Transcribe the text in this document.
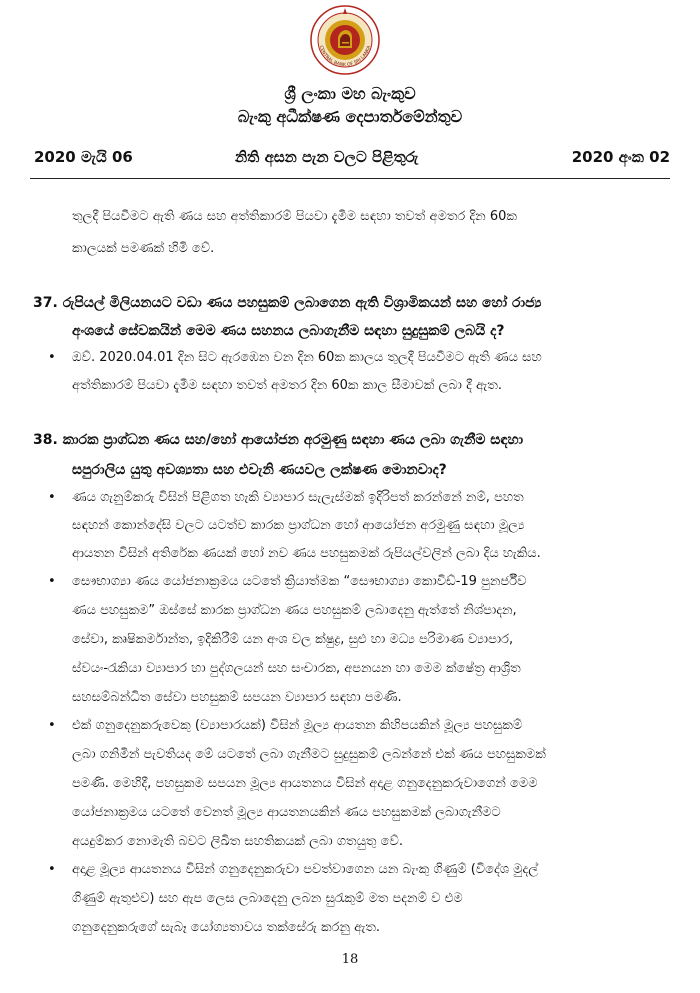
CENTRAL BANK OF SRI LANKA
ශ්‍රී ලංකා මහ බැංකුව
බැංකු අධීක්ෂණ දෙපාර්තමේන්තුව
2020 මැයි 06	නිති අසන පැන වලට පිළිතුරු	2020 අංක 02
තුලදී පියවීමට ඇති ණය සහ අත්තිකාරම් පියවා දැමීම සඳහා තවත් අමතර දින 60ක
කාලයක් පමණක් හිමි වේ.
37. රුපියල් මිලියනයට වඩා ණය පහසුකම් ලබාගෙන ඇති විශ්‍රාමිකයන් සහ හෝ රාජ්‍ය
අංශයේ සේවකයින් මෙම ණය සහනය ලබාගැනීම සඳහා සුදුසුකම් ලබයි ද?
• ඔව්. 2020.04.01 දින සිට ඇරඹෙන වන දින 60ක කාලය තුලදී පියවීමට ඇති ණය සහ
අත්තිකාරම් පියවා දැමීම සඳහා තවත් අමතර දින 60ක කාල සීමාවක් ලබා දී ඇත.
38. කාරක ප්‍රාග්ධන ණය සහ/හෝ ආයෝජන අරමුණු සඳහා ණය ලබා ගැනීම සඳහා
සපුරාලිය යුතු අවශ්‍යතා සහ එවැනි ණයවල ලක්ෂණ මොනවාද?
• ණය ගැනුම්කරු විසින් පිළිගත හැකි ව්‍යාපාර සැලැස්මක් ඉදිරිපත් කරන්නේ නම්, පහත
සඳහන් කොන්දේසි වලට යටත්ව කාරක ප්‍රාග්ධන හෝ ආයෝජන අරමුණු සඳහා මූල්‍ය
ආයතන විසින් අතිරේක ණයක් හෝ නව ණය පහසුකමක් රුපියල්වලින් ලබා දිය හැකිය.
• සෞභාග්‍යා ණය යෝජනාක්‍රමය යටතේ ක්‍රියාත්මක “සෞභාග්‍යා කොවිඩ්-19 පුනර්ජීව
ණය පහසුකම” ඔස්සේ කාරක ප්‍රාග්ධන ණය පහසුකම් ලබාදෙනු ඇත්තේ නිශ්පාදන,
සේවා, කෘෂිකර්මාන්ත, ඉදිකිරීම් යන අංශ වල ක්ෂුද්‍ර, සුළු හා මධ්‍ය පරිමාණ ව්‍යාපාර,
ස්වයං-රැකියා ව්‍යාපාර හා පුද්ගලයන් සහ සංචාරක, අපනයන හා මෙම ක්ෂේත්‍ර ආශ්‍රිත
සහසම්බන්ධිත සේවා පහසුකම් සපයන ව්‍යාපාර සඳහා පමණි.
• එක් ගනුදෙනුකරුවෙකු (ව්‍යාපාරයක්) විසින් මූල්‍ය ආයතන කිහිපයකින් මූල්‍ය පහසුකම්
ලබා ගනිමින් පැවතියද මේ යටතේ ලබා ගැනීමට සුදුසුකම් ලබන්නේ එක් ණය පහසුකමක්
පමණි. මෙහිදී, පහසුකම සපයන මූල්‍ය ආයතනය විසින් අදාළ ගනුදෙනුකරුවාගෙන් මෙම
යෝජනාක්‍රමය යටතේ වෙනත් මූල්‍ය ආයතනයකින් ණය පහසුකමක් ලබාගැනීමට
අයදුම්කර නොමැති බවට ලිඛිත සහතිකයක් ලබා ගතයුතු වේ.
• අදාළ මූල්‍ය ආයතනය විසින් ගනුදෙනුකරුවා පවත්වාගෙන යන බැංකු ගිණුම් (විදේශ මුදල්
ගිණුම් ඇතුළුව) සහ ඇප ලෙස ලබාදෙනු ලබන සුරැකුම් මත පදනම් ව එම
ගනුදෙනුකරුගේ සැබෑ යෝග්‍යතාවය තක්සේරු කරනු ඇත.
18
